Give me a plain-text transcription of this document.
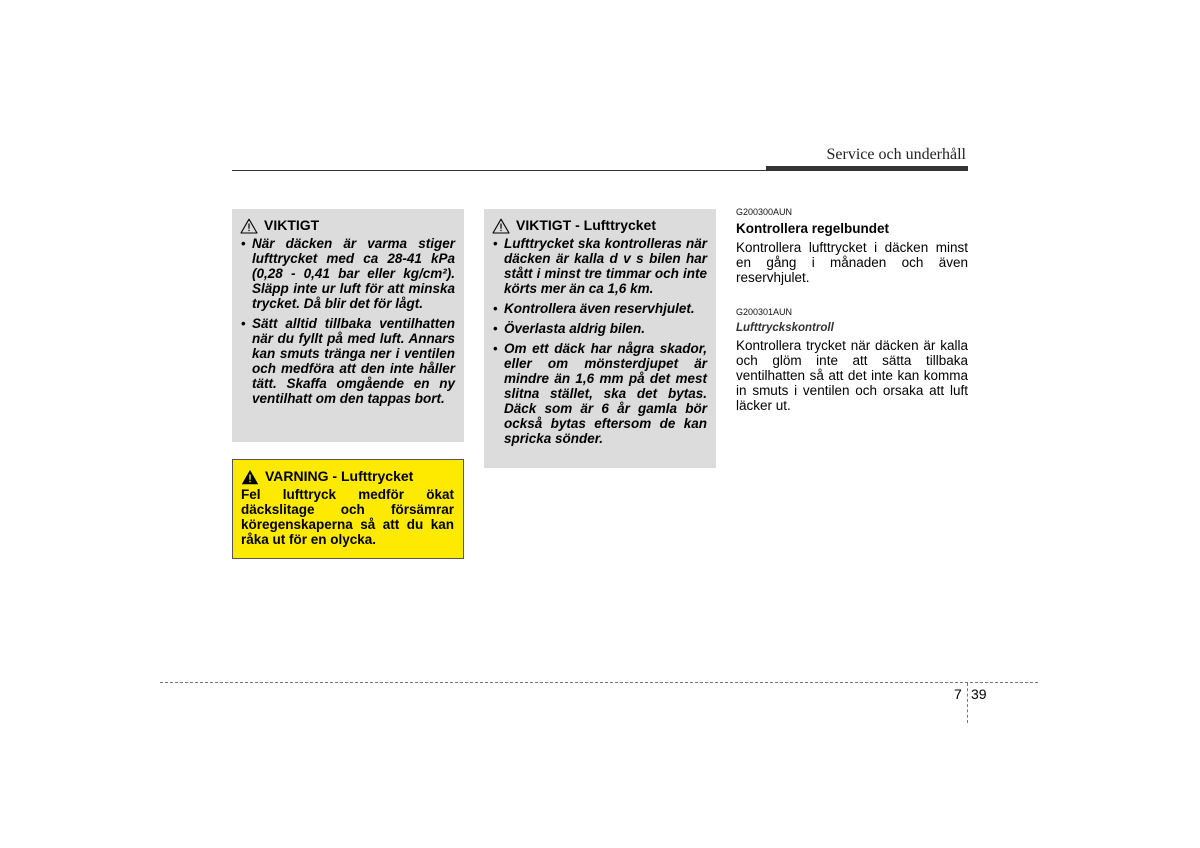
Service och underhåll
VIKTIGT
• När däcken är varma stiger lufttrycket med ca 28-41 kPa (0,28 - 0,41 bar eller kg/cm²). Släpp inte ur luft för att minska trycket. Då blir det för lågt.
• Sätt alltid tillbaka ventilhatten när du fyllt på med luft. Annars kan smuts tränga ner i ventilen och medföra att den inte håller tätt. Skaffa omgående en ny ventilhatt om den tappas bort.
VARNING - Lufttrycket
Fel lufttryck medför ökat däckslitage och försämrar köregenskaperna så att du kan råka ut för en olycka.
VIKTIGT - Lufttrycket
• Lufttrycket ska kontrolleras när däcken är kalla d v s bilen har stått i minst tre timmar och inte körts mer än ca 1,6 km.
• Kontrollera även reservhjulet.
• Överlasta aldrig bilen.
• Om ett däck har några skador, eller om mönsterdjupet är mindre än 1,6 mm på det mest slitna stället, ska det bytas. Däck som är 6 år gamla bör också bytas eftersom de kan spricka sönder.
G200300AUN
Kontrollera regelbundet
Kontrollera lufttrycket i däcken minst en gång i månaden och även reservhjulet.
G200301AUN
Lufttryckskontroll
Kontrollera trycket när däcken är kalla och glöm inte att sätta tillbaka ventilhatten så att det inte kan komma in smuts i ventilen och orsaka att luft läcker ut.
7 39
